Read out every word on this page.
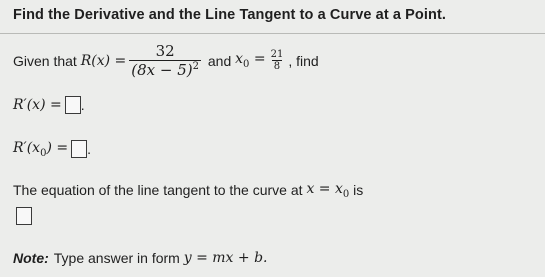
Find the Derivative and the Line Tangent to a Curve at a Point.
Given that
$R(x) = \frac{32}{(8x - 5)^2}$
and
$x_0 = \frac{21}{8}$ , find
R′(x) = .
$R'(x_0)$ = .
The equation of the line tangent to the curve at
$x = x_0$
is
Note: Type answer in form
y = mx + b.
